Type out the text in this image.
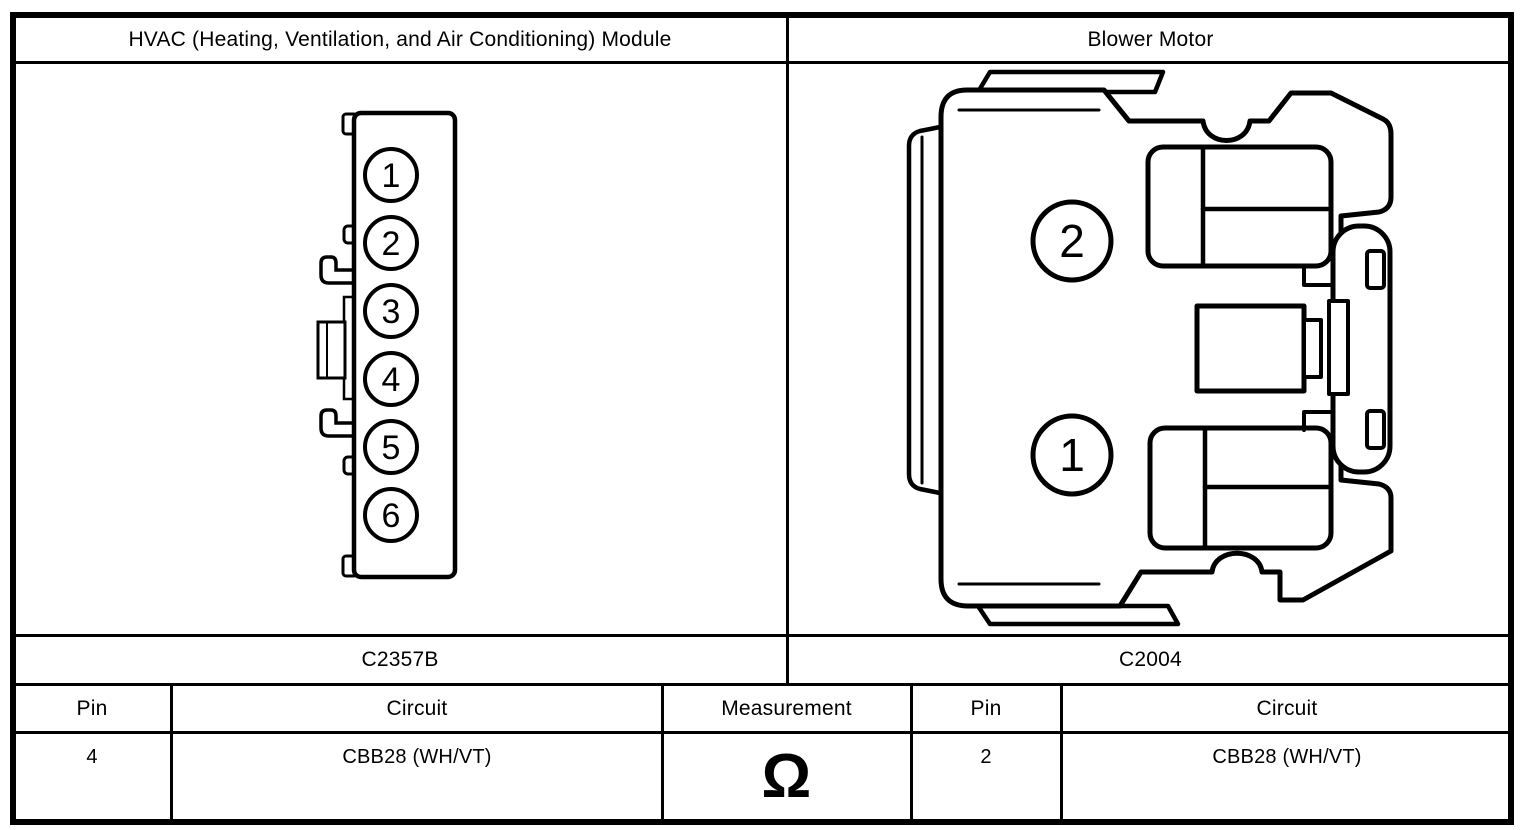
HVAC (Heating, Ventilation, and Air Conditioning) Module	Blower Motor
1
2
3
4
5
6
2
1
C2357B	C2004
Pin	Circuit	Measurement	Pin	Circuit
4	CBB28 (WH/VT)	Ω	2	CBB28 (WH/VT)
